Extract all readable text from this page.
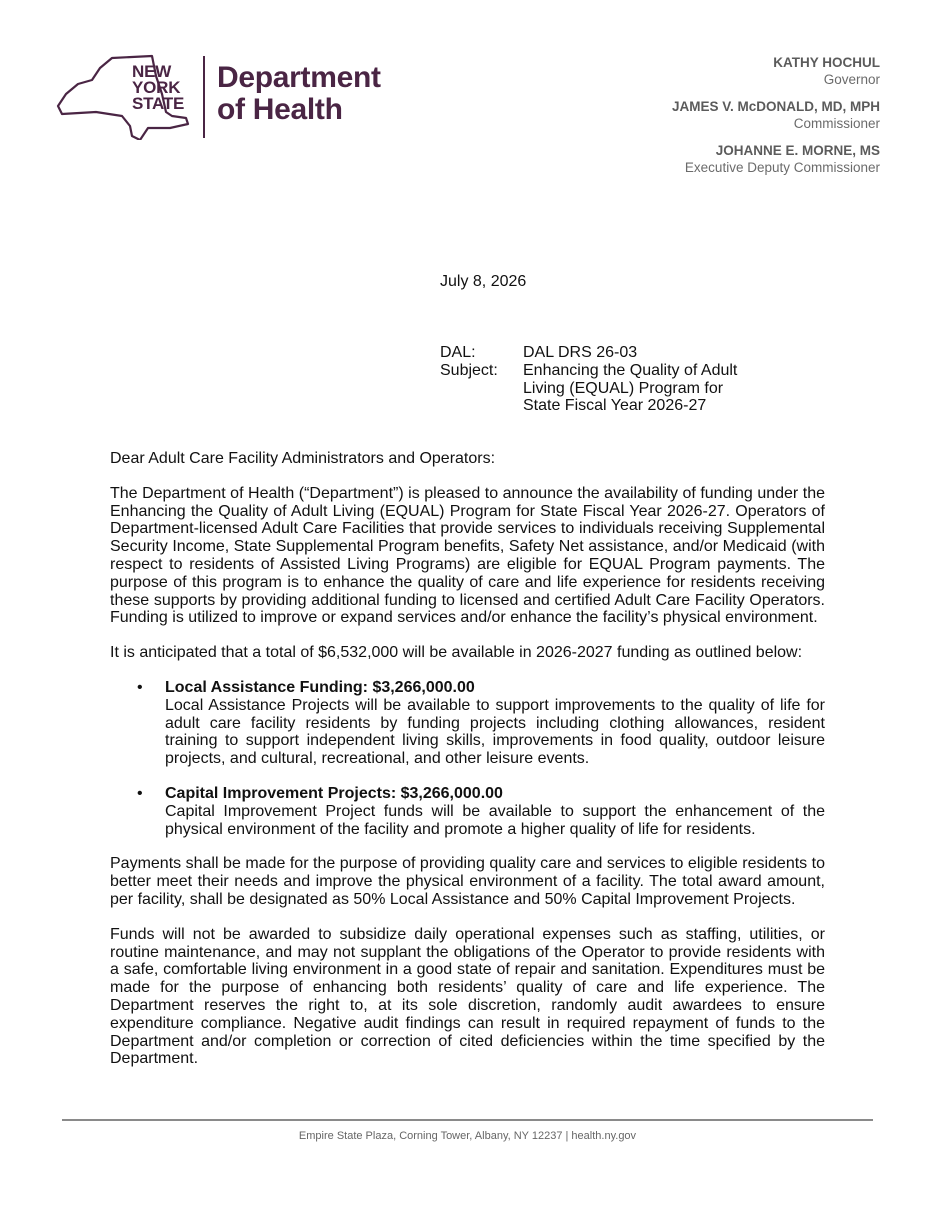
NEW
YORK
STATE
Department
of Health
KATHY HOCHUL
Governor
JAMES V. McDONALD, MD, MPH
Commissioner
JOHANNE E. MORNE, MS
Executive Deputy Commissioner
July 8, 2026
DAL:	DAL DRS 26-03
Subject:	Enhancing the Quality of Adult
Living (EQUAL) Program for
State Fiscal Year 2026-27

Dear Adult Care Facility Administrators and Operators:

The Department of Health (“Department”) is pleased to announce the availability of funding under the Enhancing the Quality of Adult Living (EQUAL) Program for State Fiscal Year 2026-27. Operators of Department-licensed Adult Care Facilities that provide services to individuals receiving Supplemental Security Income, State Supplemental Program benefits, Safety Net assistance, and/or Medicaid (with respect to residents of Assisted Living Programs) are eligible for EQUAL Program payments. The purpose of this program is to enhance the quality of care and life experience for residents receiving these supports by providing additional funding to licensed and certified Adult Care Facility Operators. Funding is utilized to improve or expand services and/or enhance the facility’s physical environment.

It is anticipated that a total of $6,532,000 will be available in 2026-2027 funding as outlined below:

• Local Assistance Funding: $3,266,000.00
Local Assistance Projects will be available to support improvements to the quality of life for adult care facility residents by funding projects including clothing allowances, resident training to support independent living skills, improvements in food quality, outdoor leisure projects, and cultural, recreational, and other leisure events.
• Capital Improvement Projects: $3,266,000.00
Capital Improvement Project funds will be available to support the enhancement of the physical environment of the facility and promote a higher quality of life for residents.

Payments shall be made for the purpose of providing quality care and services to eligible residents to better meet their needs and improve the physical environment of a facility. The total award amount, per facility, shall be designated as 50% Local Assistance and 50% Capital Improvement Projects.

Funds will not be awarded to subsidize daily operational expenses such as staffing, utilities, or routine maintenance, and may not supplant the obligations of the Operator to provide residents with a safe, comfortable living environment in a good state of repair and sanitation. Expenditures must be made for the purpose of enhancing both residents’ quality of care and life experience. The Department reserves the right to, at its sole discretion, randomly audit awardees to ensure expenditure compliance. Negative audit findings can result in required repayment of funds to the Department and/or completion or correction of cited deficiencies within the time specified by the Department.

Empire State Plaza, Corning Tower, Albany, NY 12237 | health.ny.gov
